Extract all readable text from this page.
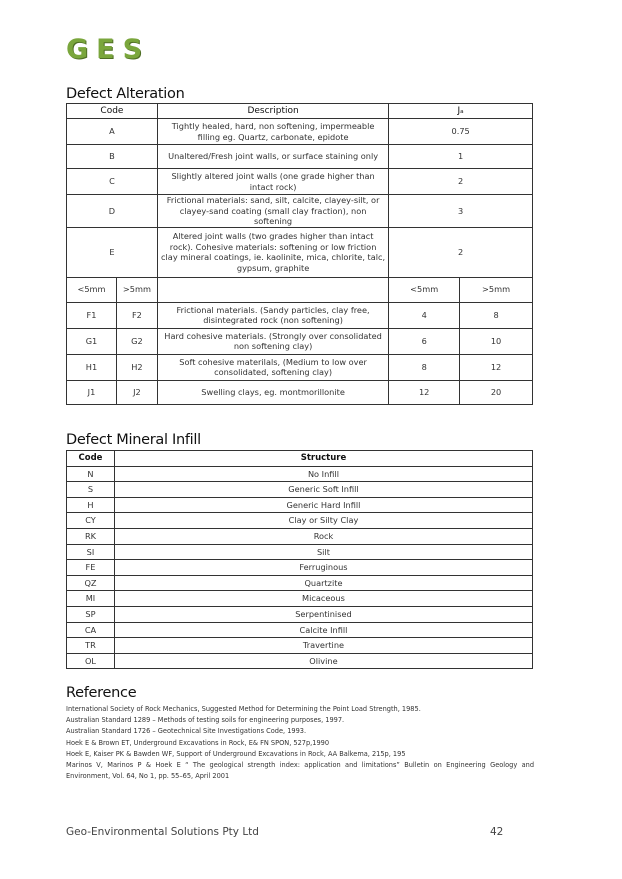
GES
Defect Alteration
Code		Description	Jₐ	
A		Tightly healed, hard, non softening, impermeable filling eg. Quartz, carbonate, epidote	0.75	
B		Unaltered/Fresh joint walls, or surface staining only	1	
C		Slightly altered joint walls (one grade higher than intact rock)	2	
D		Frictional materials: sand, silt, calcite, clayey-silt, or clayey-sand coating (small clay fraction), non softening	3	
E		Altered joint walls (two grades higher than intact rock). Cohesive materials: softening or low friction clay mineral coatings, ie. kaolinite, mica, chlorite, talc, gypsum, graphite	2	
<5mm	>5mm		<5mm	>5mm
F1	F2	Frictional materials. (Sandy particles, clay free, disintegrated rock (non softening)	4	8
G1	G2	Hard cohesive materials. (Strongly over consolidated non softening clay)	6	10
H1	H2	Soft cohesive materilals, (Medium to low over consolidated, softening clay)	8	12
J1	J2	Swelling clays, eg. montmorillonite	12	20
Defect Mineral Infill
Code	Structure
N	No Infill
S	Generic Soft Infill
H	Generic Hard Infill
CY	Clay or Silty Clay
RK	Rock
SI	Silt
FE	Ferruginous
QZ	Quartzite
MI	Micaceous
SP	Serpentinised
CA	Calcite Infill
TR	Travertine
OL	Olivine
Reference
International Society of Rock Mechanics, Suggested Method for Determining the Point Load Strength, 1985.
Australian Standard 1289 – Methods of testing soils for engineering purposes, 1997.
Australian Standard 1726 – Geotechnical Site Investigations Code, 1993.
Hoek E & Brown ET, Underground Excavations in Rock, E& FN SPON, 527p,1990
Hoek E, Kaiser PK & Bawden WF, Support of Underground Excavations in Rock, AA Balkema, 215p, 195
Marinos V, Marinos P & Hoek E “ The geological strength index: application and limitations” Bulletin on Engineering Geology and Environment, Vol. 64, No 1, pp. 55–65, April 2001
Geo-Environmental Solutions Pty Ltd	42
